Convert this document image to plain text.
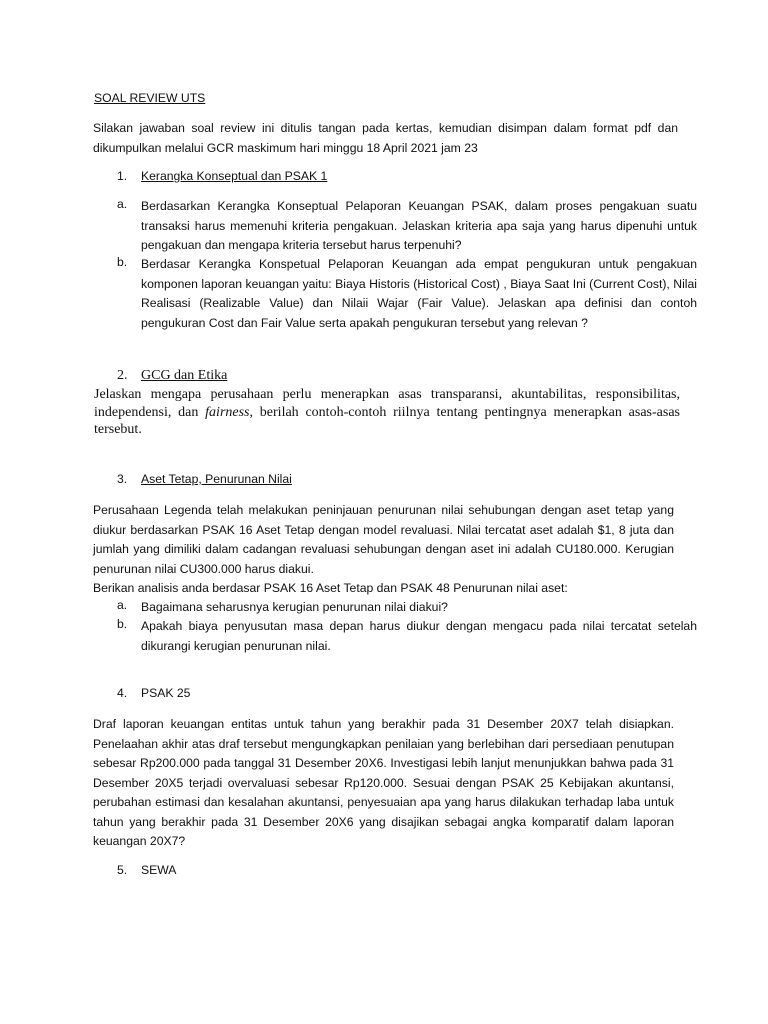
SOAL REVIEW UTS
Silakan jawaban soal review ini ditulis tangan pada kertas, kemudian disimpan dalam format pdf dan dikumpulkan melalui GCR maskimum hari minggu 18 April 2021 jam 23
1. Kerangka Konseptual dan PSAK 1
a. Berdasarkan Kerangka Konseptual Pelaporan Keuangan PSAK, dalam proses pengakuan suatu transaksi harus memenuhi kriteria pengakuan. Jelaskan kriteria apa saja yang harus dipenuhi untuk pengakuan dan mengapa kriteria tersebut harus terpenuhi?
b. Berdasar Kerangka Konspetual Pelaporan Keuangan ada empat pengukuran untuk pengakuan komponen laporan keuangan yaitu: Biaya Historis (Historical Cost) , Biaya Saat Ini (Current Cost), Nilai Realisasi (Realizable Value) dan Nilaii Wajar (Fair Value). Jelaskan apa definisi dan contoh pengukuran Cost dan Fair Value serta apakah pengukuran tersebut yang relevan ?
2. GCG dan Etika
Jelaskan mengapa perusahaan perlu menerapkan asas transparansi, akuntabilitas, responsibilitas, independensi, dan fairness, berilah contoh-contoh riilnya tentang pentingnya menerapkan asas-asas tersebut.
3. Aset Tetap, Penurunan Nilai
Perusahaan Legenda telah melakukan peninjauan penurunan nilai sehubungan dengan aset tetap yang diukur berdasarkan PSAK 16 Aset Tetap dengan model revaluasi. Nilai tercatat aset adalah $1, 8 juta dan jumlah yang dimiliki dalam cadangan revaluasi sehubungan dengan aset ini adalah CU180.000. Kerugian penurunan nilai CU300.000 harus diakui.
Berikan analisis anda berdasar PSAK 16 Aset Tetap dan PSAK 48 Penurunan nilai aset:
a. Bagaimana seharusnya kerugian penurunan nilai diakui?
b. Apakah biaya penyusutan masa depan harus diukur dengan mengacu pada nilai tercatat setelah dikurangi kerugian penurunan nilai.
4. PSAK 25
Draf laporan keuangan entitas untuk tahun yang berakhir pada 31 Desember 20X7 telah disiapkan. Penelaahan akhir atas draf tersebut mengungkapkan penilaian yang berlebihan dari persediaan penutupan sebesar Rp200.000 pada tanggal 31 Desember 20X6. Investigasi lebih lanjut menunjukkan bahwa pada 31 Desember 20X5 terjadi overvaluasi sebesar Rp120.000. Sesuai dengan PSAK 25 Kebijakan akuntansi, perubahan estimasi dan kesalahan akuntansi, penyesuaian apa yang harus dilakukan terhadap laba untuk tahun yang berakhir pada 31 Desember 20X6 yang disajikan sebagai angka komparatif dalam laporan keuangan 20X7?
5. SEWA
